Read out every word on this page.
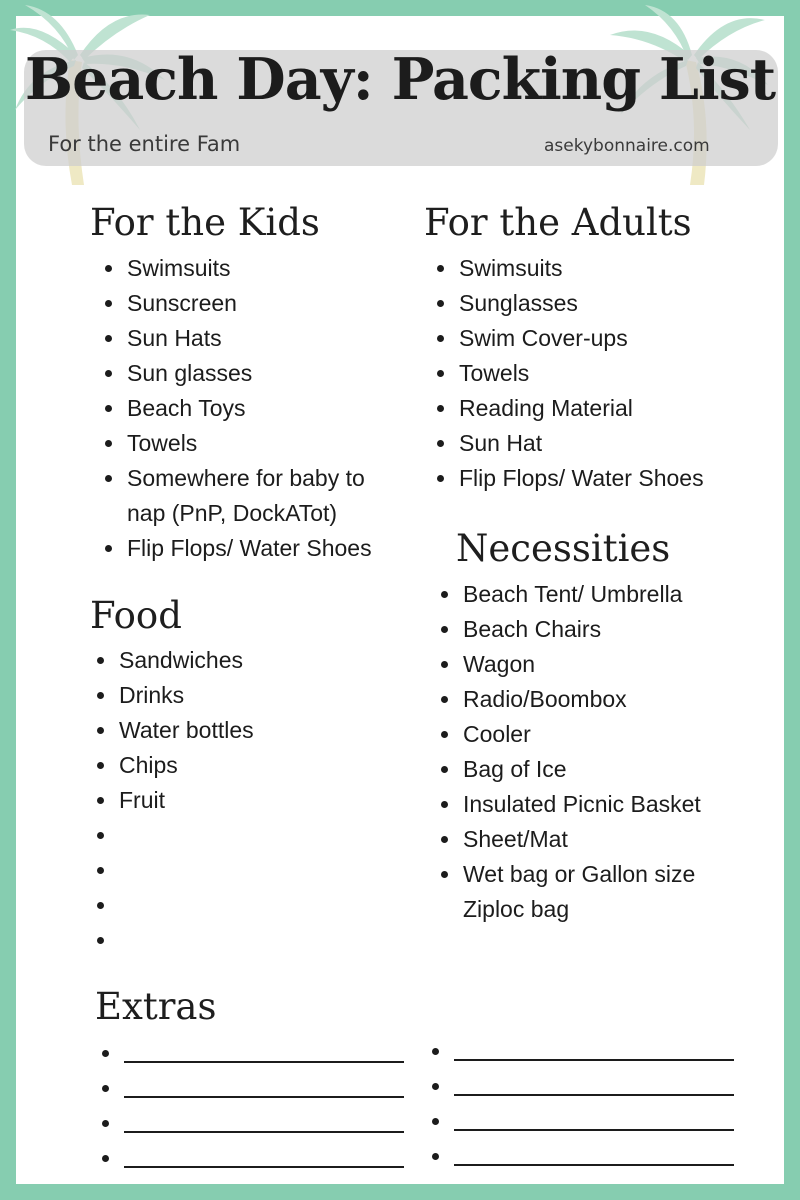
Beach Day: Packing List
For the entire Fam	asekybonnaire.com
For the Kids
Swimsuits
Sunscreen
Sun Hats
Sun glasses
Beach Toys
Towels
Somewhere for baby to nap (PnP, DockATot)
Flip Flops/ Water Shoes
For the Adults
Swimsuits
Sunglasses
Swim Cover-ups
Towels
Reading Material
Sun Hat
Flip Flops/ Water Shoes
Necessities
Beach Tent/ Umbrella
Beach Chairs
Wagon
Radio/Boombox
Cooler
Bag of Ice
Insulated Picnic Basket
Sheet/Mat
Wet bag or Gallon size Ziploc bag
Food
Sandwiches
Drinks
Water bottles
Chips
Fruit
Extras
